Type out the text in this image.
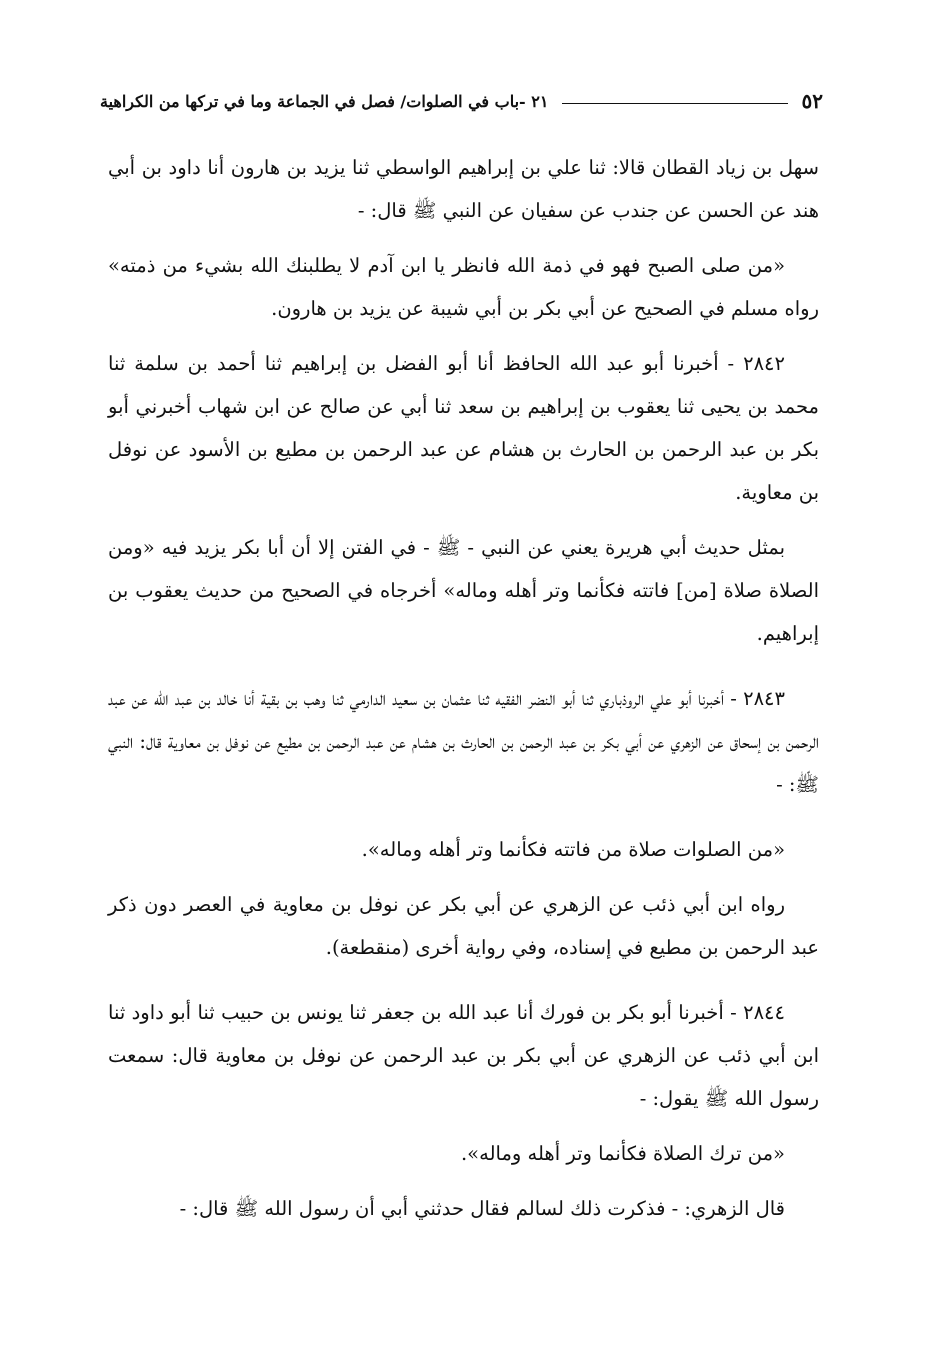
٥٢
٢١ -باب في الصلوات/ فصل في الجماعة وما في تركها من الكراهية

سهل بن زياد القطان قالا: ثنا علي بن إبراهيم الواسطي ثنا يزيد بن هارون أنا داود بن أبي هند عن الحسن عن جندب عن سفيان عن النبي ﷺ قال: -

«من صلى الصبح فهو في ذمة الله فانظر يا ابن آدم لا يطلبنك الله بشيء من ذمته» رواه مسلم في الصحيح عن أبي بكر بن أبي شيبة عن يزيد بن هارون.

٢٨٤٢ - أخبرنا أبو عبد الله الحافظ أنا أبو الفضل بن إبراهيم ثنا أحمد بن سلمة ثنا محمد بن يحيى ثنا يعقوب بن إبراهيم بن سعد ثنا أبي عن صالح عن ابن شهاب أخبرني أبو بكر بن عبد الرحمن بن الحارث بن هشام عن عبد الرحمن بن مطيع بن الأسود عن نوفل بن معاوية.

بمثل حديث أبي هريرة يعني عن النبي - ﷺ - في الفتن إلا أن أبا بكر يزيد فيه «ومن الصلاة صلاة [من] فاتته فكأنما وتر أهله وماله» أخرجاه في الصحيح من حديث يعقوب بن إبراهيم.

٢٨٤٣ - أخبرنا أبو علي الروذباري ثنا أبو النضر الفقيه ثنا عثمان بن سعيد الدارمي ثنا وهب بن بقية أنا خالد بن عبد الله عن عبد الرحمن بن إسحاق عن الزهري عن أبي بكر بن عبد الرحمن بن الحارث بن هشام عن عبد الرحمن بن مطيع عن نوفل بن معاوية قال: النبي ﷺ: -

«من الصلوات صلاة من فاتته فكأنما وتر أهله وماله».

رواه ابن أبي ذئب عن الزهري عن أبي بكر عن نوفل بن معاوية في العصر دون ذكر عبد الرحمن بن مطيع في إسناده، وفي رواية أخرى (منقطعة).

٢٨٤٤ - أخبرنا أبو بكر بن فورك أنا عبد الله بن جعفر ثنا يونس بن حبيب ثنا أبو داود ثنا ابن أبي ذئب عن الزهري عن أبي بكر بن عبد الرحمن عن نوفل بن معاوية قال: سمعت رسول الله ﷺ يقول: -

«من ترك الصلاة فكأنما وتر أهله وماله».

قال الزهري: - فذكرت ذلك لسالم فقال حدثني أبي أن رسول الله ﷺ قال: -
